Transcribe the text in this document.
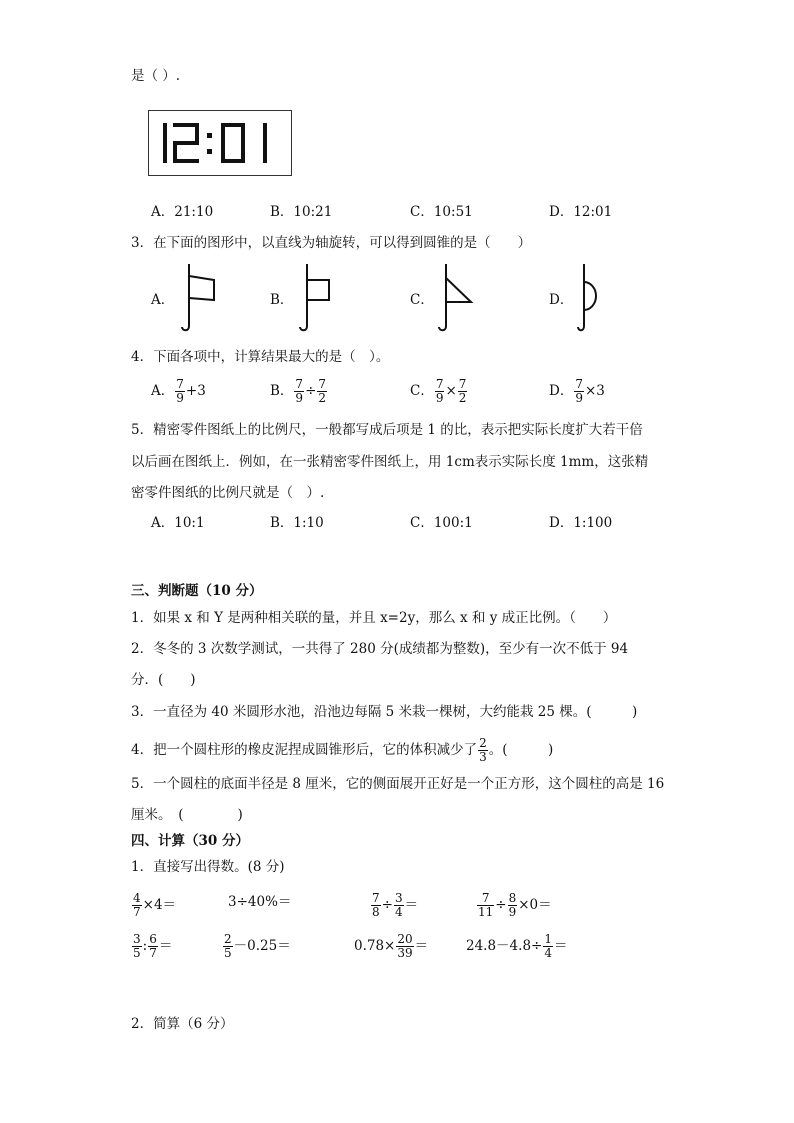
是（ ）.
A．21:10	B．10:21	C．10:51	D．12:01
3．在下面的图形中，以直线为轴旋转，可以得到圆锥的是（　　）
A．	B．	C．	D．
4．下面各项中，计算结果最大的是（　）。
A． $\frac{7}{9} +3$	B． $\frac{7}{9} \div \frac{7}{2}$	C． $\frac{7}{9} \times \frac{7}{2}$	D． $\frac{7}{9} \times 3$
5．精密零件图纸上的比例尺，一般都写成后项是 1 的比，表示把实际长度扩大若干倍
以后画在图纸上．例如，在一张精密零件图纸上，用 1cm表示实际长度 1mm，这张精
密零件图纸的比例尺就是（　）.
A．10:1	B．1:10	C．100:1	D．1:100
三、判断题（10 分）
1．如果 x 和 Y 是两种相关联的量，并且 x=2y，那么 x 和 y 成正比例。（　　）
2．冬冬的 3 次数学测试，一共得了 280 分(成绩都为整数)，至少有一次不低于 94
分．(　　)
3．一直径为 40 米圆形水池，沿池边每隔 5 米栽一棵树，大约能栽 25 棵。(　　　)
4．把一个圆柱形的橡皮泥捏成圆锥形后，它的体积减少了 $\frac{2}{3}$ 。(　　　)
5．一个圆柱的底面半径是 8 厘米，它的侧面展开正好是一个正方形，这个圆柱的高是 16
厘米。　(　　　　)
四、计算（30 分）
1．直接写出得数。(8 分)
$\frac{4}{7} \times 4=$	3÷40%＝	$\frac{7}{8} \div \frac{3}{4}$ ＝	$\frac{7}{11} \div \frac{8}{9} \times 0=$
$\frac{3}{5}$ : $\frac{6}{7}$ ＝	$\frac{2}{5} -0.25=$	$0.78\times \frac{20}{39}$ ＝	$24.8-4.8\div \frac{1}{4}$ ＝
2．简算（6 分）
